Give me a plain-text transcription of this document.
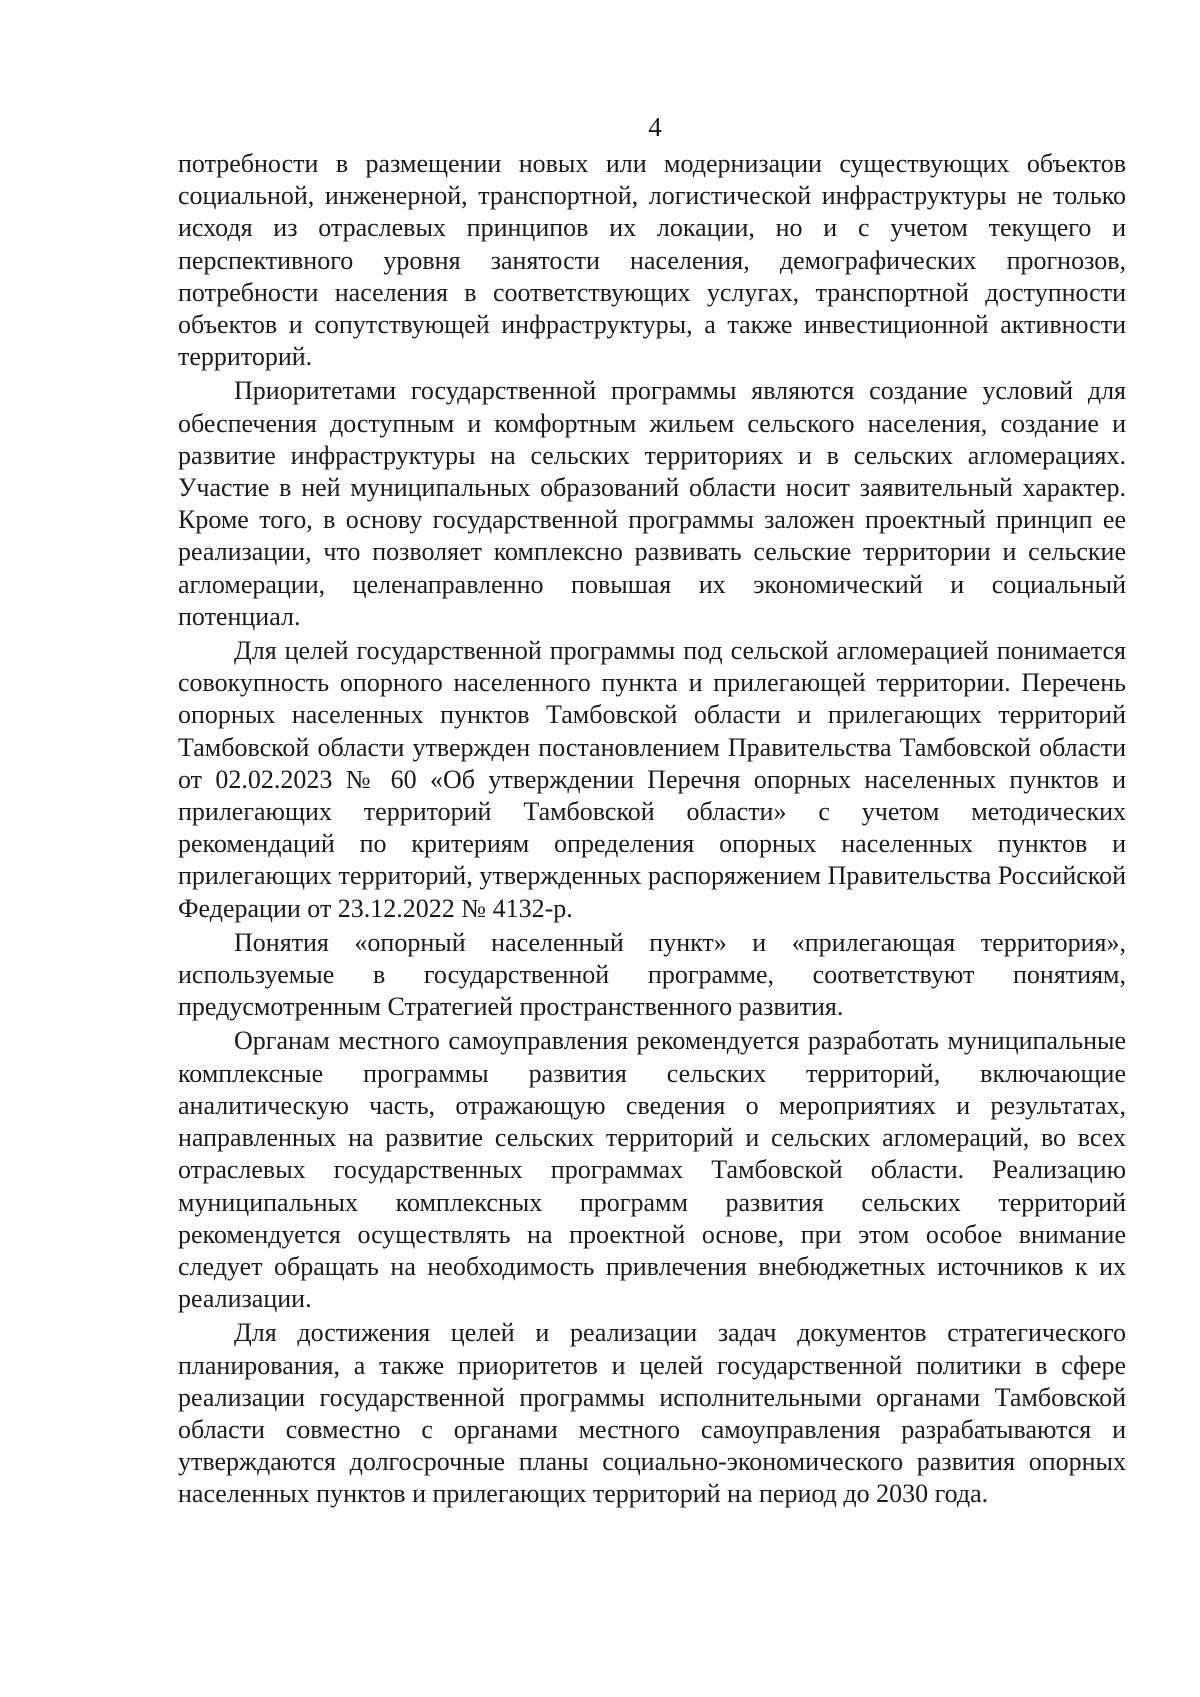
4

потребности в размещении новых или модернизации существующих объектов социальной, инженерной, транспортной, логистической инфраструктуры не только исходя из отраслевых принципов их локации, но и с учетом текущего и перспективного уровня занятости населения, демографических прогнозов, потребности населения в соответствующих услугах, транспортной доступности объектов и сопутствующей инфраструктуры, а также инвестиционной активности территорий.

Приоритетами государственной программы являются создание условий для обеспечения доступным и комфортным жильем сельского населения, создание и развитие инфраструктуры на сельских территориях и в сельских агломерациях. Участие в ней муниципальных образований области носит заявительный характер. Кроме того, в основу государственной программы заложен проектный принцип ее реализации, что позволяет комплексно развивать сельские территории и сельские агломерации, целенаправленно повышая их экономический и социальный потенциал.

Для целей государственной программы под сельской агломерацией понимается совокупность опорного населенного пункта и прилегающей территории. Перечень опорных населенных пунктов Тамбовской области и прилегающих территорий Тамбовской области утвержден постановлением Правительства Тамбовской области от 02.02.2023 № 60 «Об утверждении Перечня опорных населенных пунктов и прилегающих территорий Тамбовской области» с учетом методических рекомендаций по критериям определения опорных населенных пунктов и прилегающих территорий, утвержденных распоряжением Правительства Российской Федерации от 23.12.2022 № 4132-р.

Понятия «опорный населенный пункт» и «прилегающая территория», используемые в государственной программе, соответствуют понятиям, предусмотренным Стратегией пространственного развития.

Органам местного самоуправления рекомендуется разработать муниципальные комплексные программы развития сельских территорий, включающие аналитическую часть, отражающую сведения о мероприятиях и результатах, направленных на развитие сельских территорий и сельских агломераций, во всех отраслевых государственных программах Тамбовской области. Реализацию муниципальных комплексных программ развития сельских территорий рекомендуется осуществлять на проектной основе, при этом особое внимание следует обращать на необходимость привлечения внебюджетных источников к их реализации.

Для достижения целей и реализации задач документов стратегического планирования, а также приоритетов и целей государственной политики в сфере реализации государственной программы исполнительными органами Тамбовской области совместно с органами местного самоуправления разрабатываются и утверждаются долгосрочные планы социально-экономического развития опорных населенных пунктов и прилегающих территорий на период до 2030 года.
